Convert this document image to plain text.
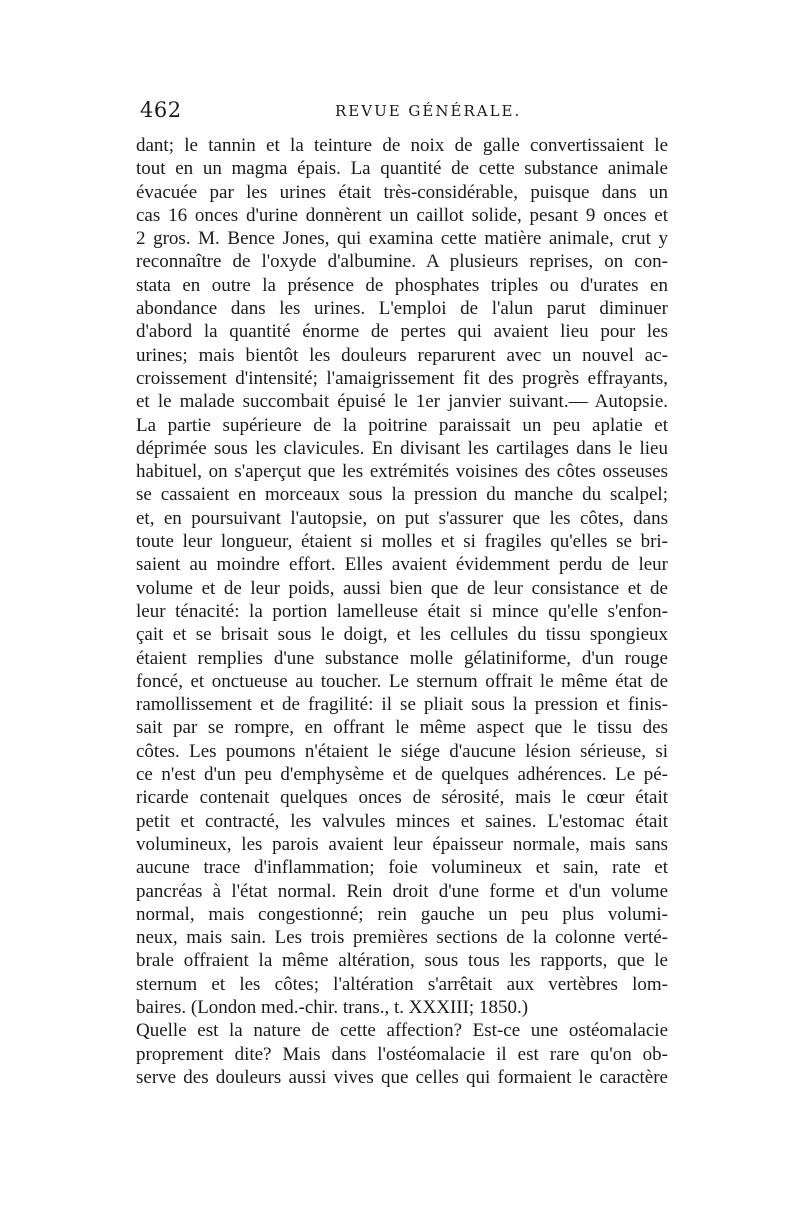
462	REVUE GÉNÉRALE.
dant; le tannin et la teinture de noix de galle convertissaient le
tout en un magma épais. La quantité de cette substance animale
évacuée par les urines était très-considérable, puisque dans un
cas 16 onces d'urine donnèrent un caillot solide, pesant 9 onces et
2 gros. M. Bence Jones, qui examina cette matière animale, crut y
reconnaître de l'oxyde d'albumine. A plusieurs reprises, on con-
stata en outre la présence de phosphates triples ou d'urates en
abondance dans les urines. L'emploi de l'alun parut diminuer
d'abord la quantité énorme de pertes qui avaient lieu pour les
urines; mais bientôt les douleurs reparurent avec un nouvel ac-
croissement d'intensité; l'amaigrissement fit des progrès effrayants,
et le malade succombait épuisé le 1er janvier suivant.— Autopsie.
La partie supérieure de la poitrine paraissait un peu aplatie et
déprimée sous les clavicules. En divisant les cartilages dans le lieu
habituel, on s'aperçut que les extrémités voisines des côtes osseuses
se cassaient en morceaux sous la pression du manche du scalpel;
et, en poursuivant l'autopsie, on put s'assurer que les côtes, dans
toute leur longueur, étaient si molles et si fragiles qu'elles se bri-
saient au moindre effort. Elles avaient évidemment perdu de leur
volume et de leur poids, aussi bien que de leur consistance et de
leur ténacité: la portion lamelleuse était si mince qu'elle s'enfon-
çait et se brisait sous le doigt, et les cellules du tissu spongieux
étaient remplies d'une substance molle gélatiniforme, d'un rouge
foncé, et onctueuse au toucher. Le sternum offrait le même état de
ramollissement et de fragilité: il se pliait sous la pression et finis-
sait par se rompre, en offrant le même aspect que le tissu des
côtes. Les poumons n'étaient le siége d'aucune lésion sérieuse, si
ce n'est d'un peu d'emphysème et de quelques adhérences. Le pé-
ricarde contenait quelques onces de sérosité, mais le cœur était
petit et contracté, les valvules minces et saines. L'estomac était
volumineux, les parois avaient leur épaisseur normale, mais sans
aucune trace d'inflammation; foie volumineux et sain, rate et
pancréas à l'état normal. Rein droit d'une forme et d'un volume
normal, mais congestionné; rein gauche un peu plus volumi-
neux, mais sain. Les trois premières sections de la colonne verté-
brale offraient la même altération, sous tous les rapports, que le
sternum et les côtes; l'altération s'arrêtait aux vertèbres lom-
baires. (London med.-chir. trans., t. XXXIII; 1850.)
Quelle est la nature de cette affection? Est-ce une ostéomalacie
proprement dite? Mais dans l'ostéomalacie il est rare qu'on ob-
serve des douleurs aussi vives que celles qui formaient le caractère
